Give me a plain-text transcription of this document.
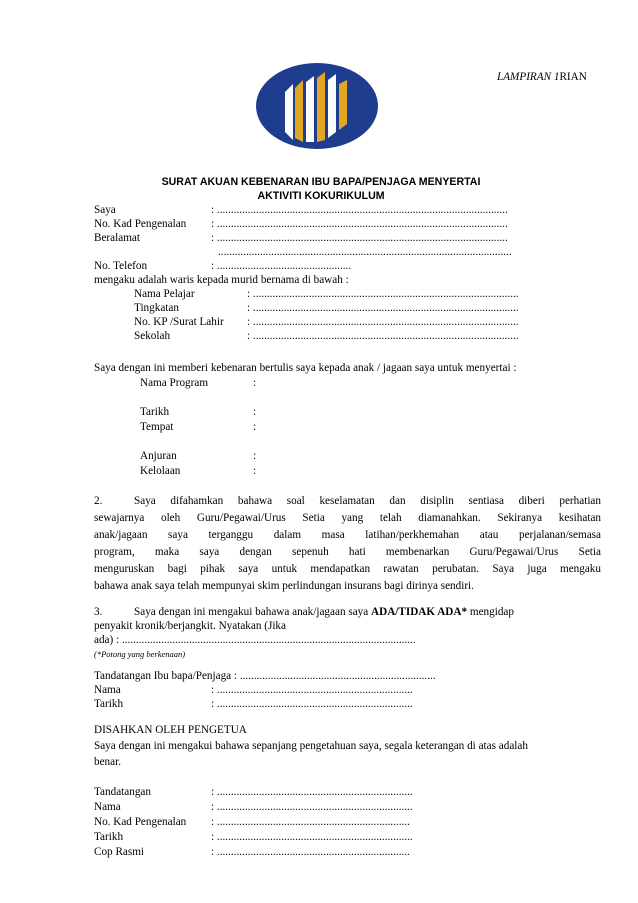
LAMPIRAN 1RIAN
SURAT AKUAN KEBENARAN IBU BAPA/PENJAGA MENYERTAI
AKTIVITI KOKURIKULUM
Saya	: ........................................................................................................
No. Kad Pengenalan : ........................................................................................................
Beralamat	: ........................................................................................................
.........................................................................................................
No. Telefon	: ................................................
mengaku adalah waris kepada murid bernama di bawah :
Nama Pelajar	: ...............................................................................................
Tingkatan	: ...............................................................................................
No. KP /Surat Lahir : ...............................................................................................
Sekolah	: ...............................................................................................
Saya dengan ini memberi kebenaran bertulis saya kepada anak / jagaan saya untuk menyertai :
Nama Program	:
Tarikh	:
Tempat	:
Anjuran	:
Kelolaan	:
2.	Saya difahamkan bahawa soal keselamatan dan disiplin sentiasa diberi perhatian
sewajarnya oleh Guru/Pegawai/Urus Setia yang telah diamanahkan. Sekiranya kesihatan
anak/jagaan saya terganggu dalam masa latihan/perkhemahan atau perjalanan/semasa
program, maka saya dengan sepenuh hati membenarkan Guru/Pegawai/Urus Setia
menguruskan bagi pihak saya untuk mendapatkan rawatan perubatan. Saya juga mengaku
bahawa anak saya telah mempunyai skim perlindungan insurans bagi dirinya sendiri.
3.	Saya dengan ini mengakui bahawa anak/jagaan saya ADA/TIDAK ADA* mengidap
penyakit kronik/berjangkit. Nyatakan (Jika
ada) : .........................................................................................................
(*Potong yang berkenaan)
Tandatangan Ibu bapa/Penjaga : ......................................................................
Nama	: ......................................................................
Tarikh	: ......................................................................
DISAHKAN OLEH PENGETUA
Saya dengan ini mengakui bahawa sepanjang pengetahuan saya, segala keterangan di atas adalah
benar.
Tandatangan	: ......................................................................
Nama	: ......................................................................
No. Kad Pengenalan : .....................................................................
Tarikh	: ......................................................................
Cop Rasmi	: .....................................................................
